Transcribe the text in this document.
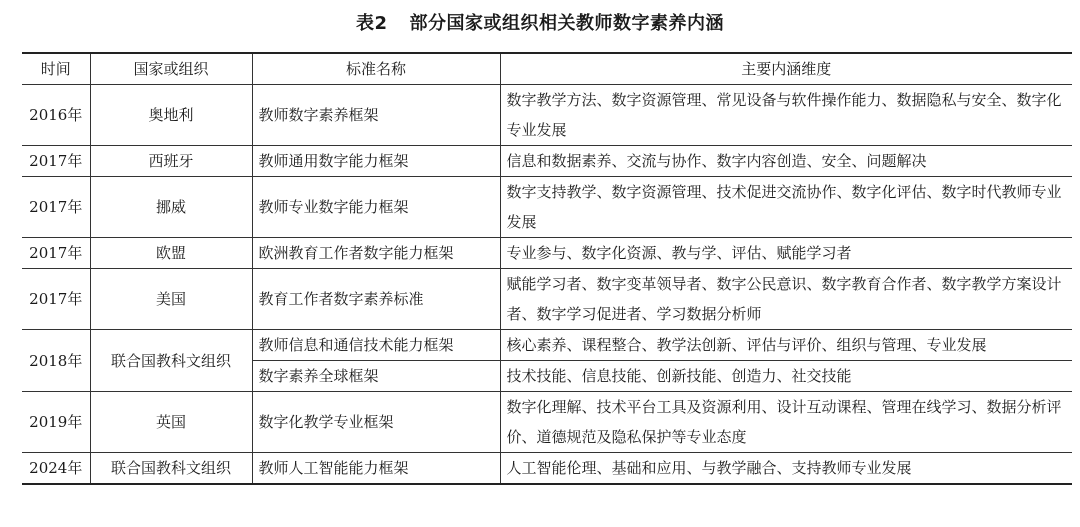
表2 部分国家或组织相关教师数字素养内涵
时间	国家或组织	标准名称	主要内涵维度
2016年	奥地利	教师数字素养框架	数字教学方法、数字资源管理、常见设备与软件操作能力、数据隐私与安全、数字化专业发展
2017年	西班牙	教师通用数字能力框架	信息和数据素养、交流与协作、数字内容创造、安全、问题解决
2017年	挪威	教师专业数字能力框架	数字支持教学、数字资源管理、技术促进交流协作、数字化评估、数字时代教师专业发展
2017年	欧盟	欧洲教育工作者数字能力框架	专业参与、数字化资源、教与学、评估、赋能学习者
2017年	美国	教育工作者数字素养标准	赋能学习者、数字变革领导者、数字公民意识、数字教育合作者、数字教学方案设计者、数字学习促进者、学习数据分析师
2018年	联合国教科文组织	教师信息和通信技术能力框架	核心素养、课程整合、教学法创新、评估与评价、组织与管理、专业发展
		数字素养全球框架	技术技能、信息技能、创新技能、创造力、社交技能
2019年	英国	数字化教学专业框架	数字化理解、技术平台工具及资源利用、设计互动课程、管理在线学习、数据分析评价、道德规范及隐私保护等专业态度
2024年	联合国教科文组织	教师人工智能能力框架	人工智能伦理、基础和应用、与教学融合、支持教师专业发展
